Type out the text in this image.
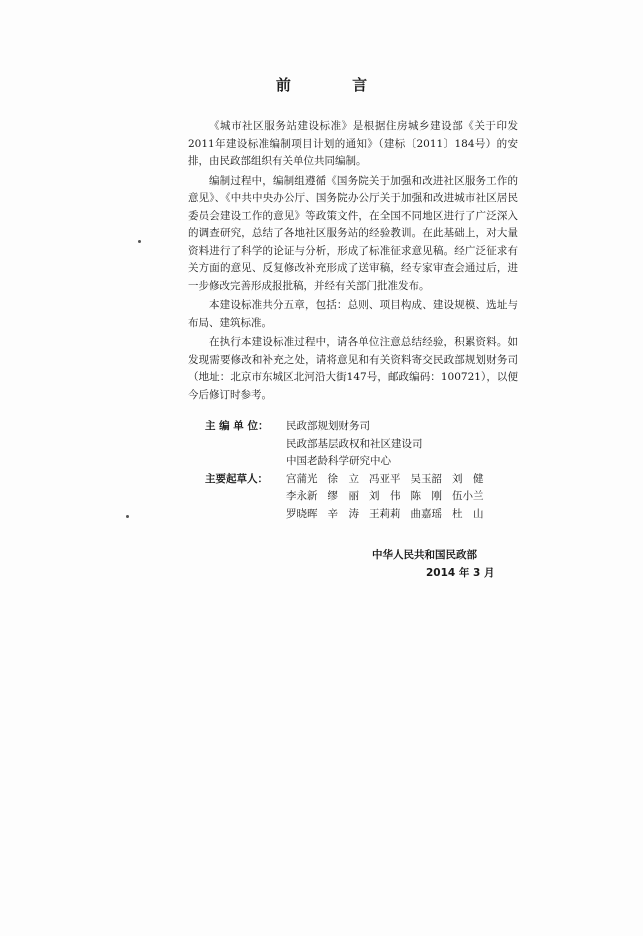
前 言

《城市社区服务站建设标准》是根据住房城乡建设部《关于印发2011年建设标准编制项目计划的通知》（建标〔2011〕184号）的安排，由民政部组织有关单位共同编制。

编制过程中，编制组遵循《国务院关于加强和改进社区服务工作的意见》、《中共中央办公厅、国务院办公厅关于加强和改进城市社区居民委员会建设工作的意见》等政策文件，在全国不同地区进行了广泛深入的调查研究，总结了各地社区服务站的经验教训。在此基础上，对大量资料进行了科学的论证与分析，形成了标准征求意见稿。经广泛征求有关方面的意见、反复修改补充形成了送审稿，经专家审查会通过后，进一步修改完善形成报批稿，并经有关部门批准发布。

本建设标准共分五章，包括：总则、项目构成、建设规模、选址与布局、建筑标准。

在执行本建设标准过程中，请各单位注意总结经验，积累资料。如发现需要修改和补充之处，请将意见和有关资料寄交民政部规划财务司（地址：北京市东城区北河沿大街147号，邮政编码：100721），以便今后修订时参考。

主 编 单 位：	民政部规划财务司
民政部基层政权和社区建设司
中国老龄科学研究中心
主要起草人：	宫蒲光 徐　立 冯亚平 吴玉韶 刘　健
李永新 缪　丽 刘　伟 陈　刚 伍小兰
罗晓晖 辛　涛 王莉莉 曲嘉瑶 杜　山
中华人民共和国民政部
2014 年 3 月
